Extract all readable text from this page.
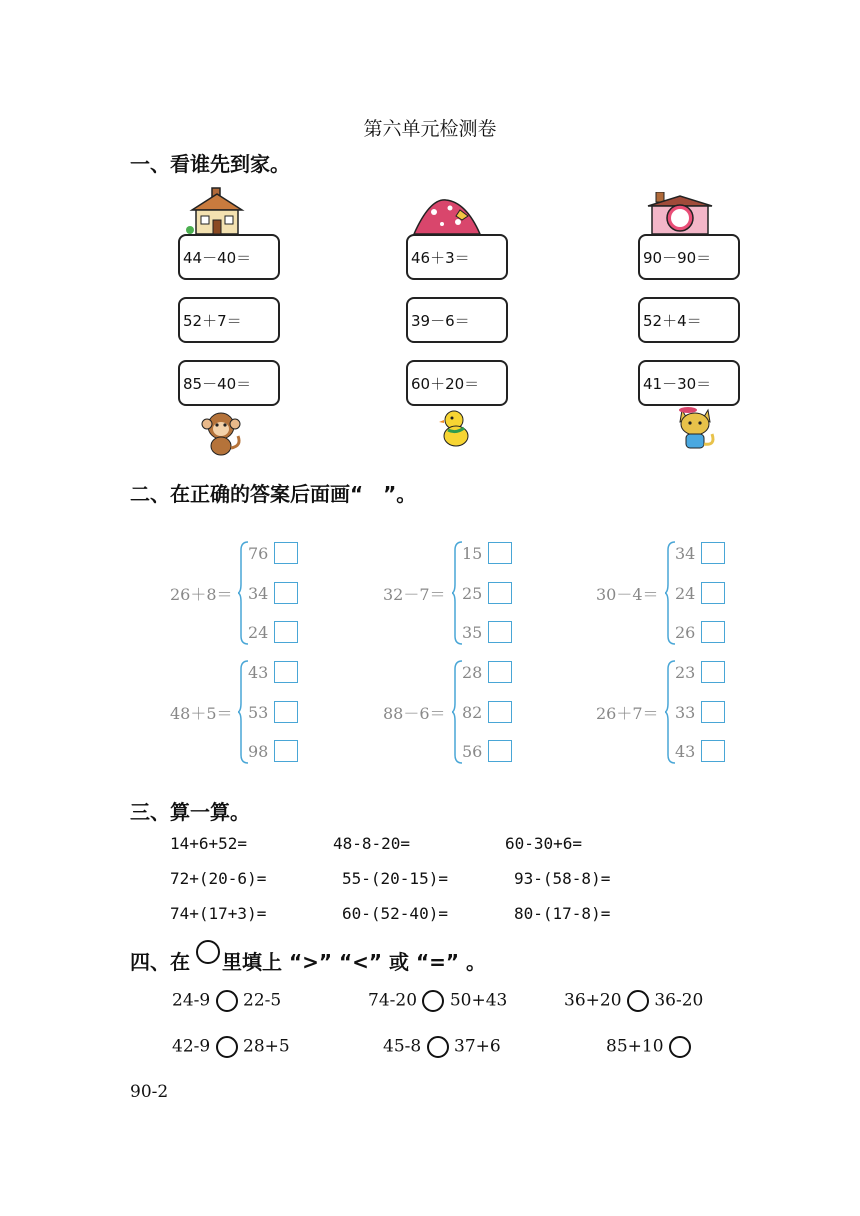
第六单元检测卷
一、看谁先到家。
44－40＝
52＋7＝
85－40＝
46＋3＝
39－6＝
60＋20＝
90－90＝
52＋4＝
41－30＝
二、在正确的答案后面画“　”。
26＋8＝
76
34
24
32－7＝
15
25
35
30－4＝
34
24
26
48＋5＝
43
53
98
88－6＝
28
82
56
26＋7＝
23
33
43
三、算一算。
14+6+52=	48-8-20=	60-30+6=
72+(20-6)=	55-(20-15)=	93-(58-8)=
74+(17+3)=	60-(52-40)=	80-(17-8)=
四、在 里填上 “>” “<” 或 “=” 。
24-9 22-5	74-20 50+43	36+20 36-20
42-9 28+5	45-8 37+6	85+10
90-2
